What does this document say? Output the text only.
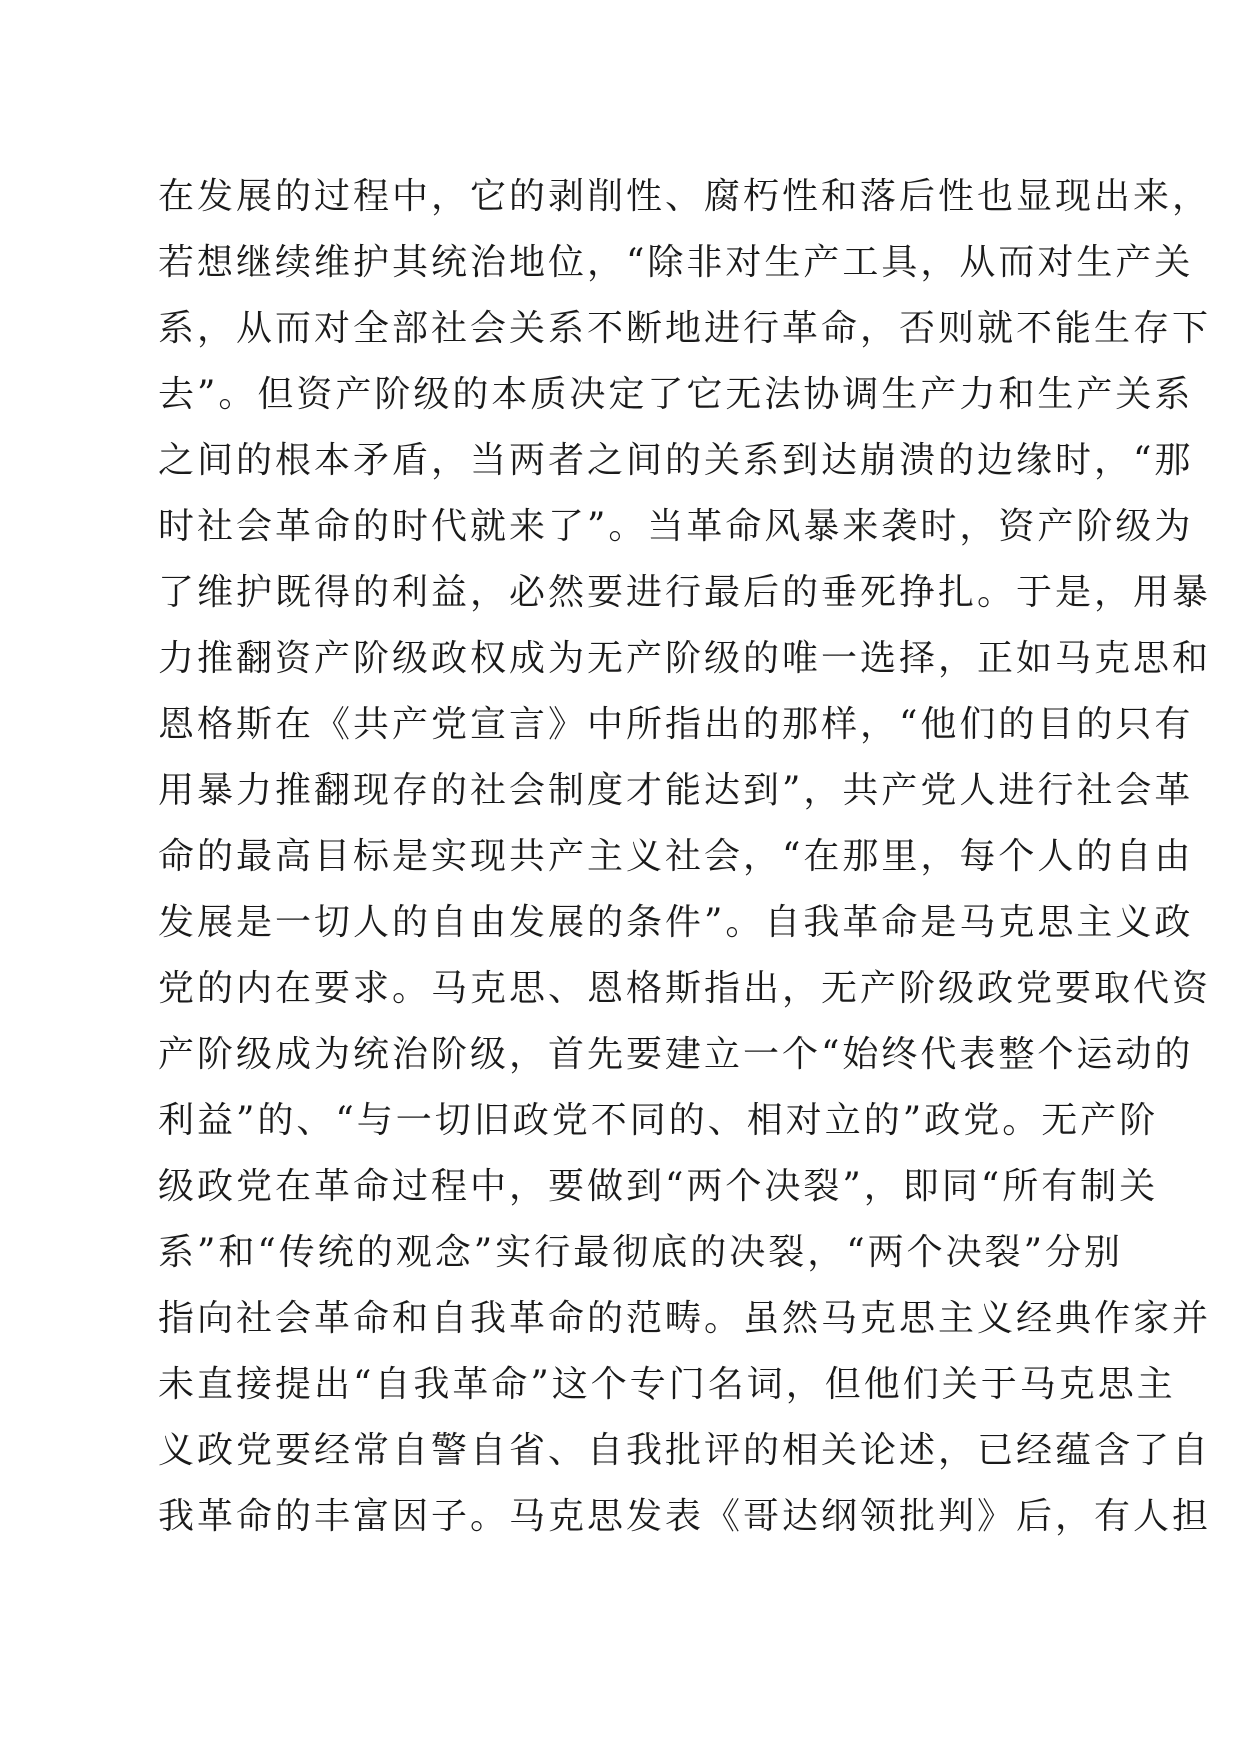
在发展的过程中，它的剥削性、腐朽性和落后性也显现出来，
若想继续维护其统治地位，“除非对生产工具，从而对生产关
系，从而对全部社会关系不断地进行革命，否则就不能生存下
去”。但资产阶级的本质决定了它无法协调生产力和生产关系
之间的根本矛盾，当两者之间的关系到达崩溃的边缘时，“那
时社会革命的时代就来了”。当革命风暴来袭时，资产阶级为
了维护既得的利益，必然要进行最后的垂死挣扎。于是，用暴
力推翻资产阶级政权成为无产阶级的唯一选择，正如马克思和
恩格斯在《共产党宣言》中所指出的那样，“他们的目的只有
用暴力推翻现存的社会制度才能达到”，共产党人进行社会革
命的最高目标是实现共产主义社会，“在那里，每个人的自由
发展是一切人的自由发展的条件”。自我革命是马克思主义政
党的内在要求。马克思、恩格斯指出，无产阶级政党要取代资
产阶级成为统治阶级，首先要建立一个“始终代表整个运动的
利益”的、“与一切旧政党不同的、相对立的”政党。无产阶
级政党在革命过程中，要做到“两个决裂”，即同“所有制关
系”和“传统的观念”实行最彻底的决裂，“两个决裂”分别
指向社会革命和自我革命的范畴。虽然马克思主义经典作家并
未直接提出“自我革命”这个专门名词，但他们关于马克思主
义政党要经常自警自省、自我批评的相关论述，已经蕴含了自
我革命的丰富因子。马克思发表《哥达纲领批判》后，有人担
